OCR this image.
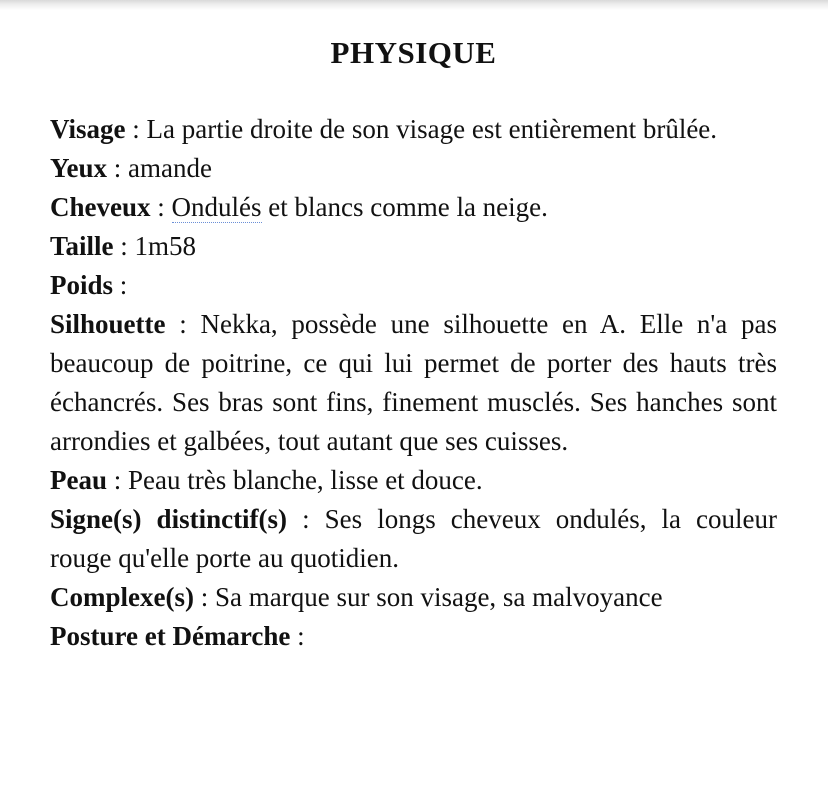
PHYSIQUE

Visage : La partie droite de son visage est entièrement brûlée.

Yeux : amande

Cheveux : Ondulés et blancs comme la neige.

Taille : 1m58

Poids :

Silhouette : Nekka, possède une silhouette en A. Elle n'a pas beaucoup de poitrine, ce qui lui permet de porter des hauts très échancrés. Ses bras sont fins, finement musclés. Ses hanches sont arrondies et galbées, tout autant que ses cuisses.

Peau : Peau très blanche, lisse et douce.

Signe(s) distinctif(s) : Ses longs cheveux ondulés, la couleur rouge qu'elle porte au quotidien.

Complexe(s) : Sa marque sur son visage, sa malvoyance

Posture et Démarche :
